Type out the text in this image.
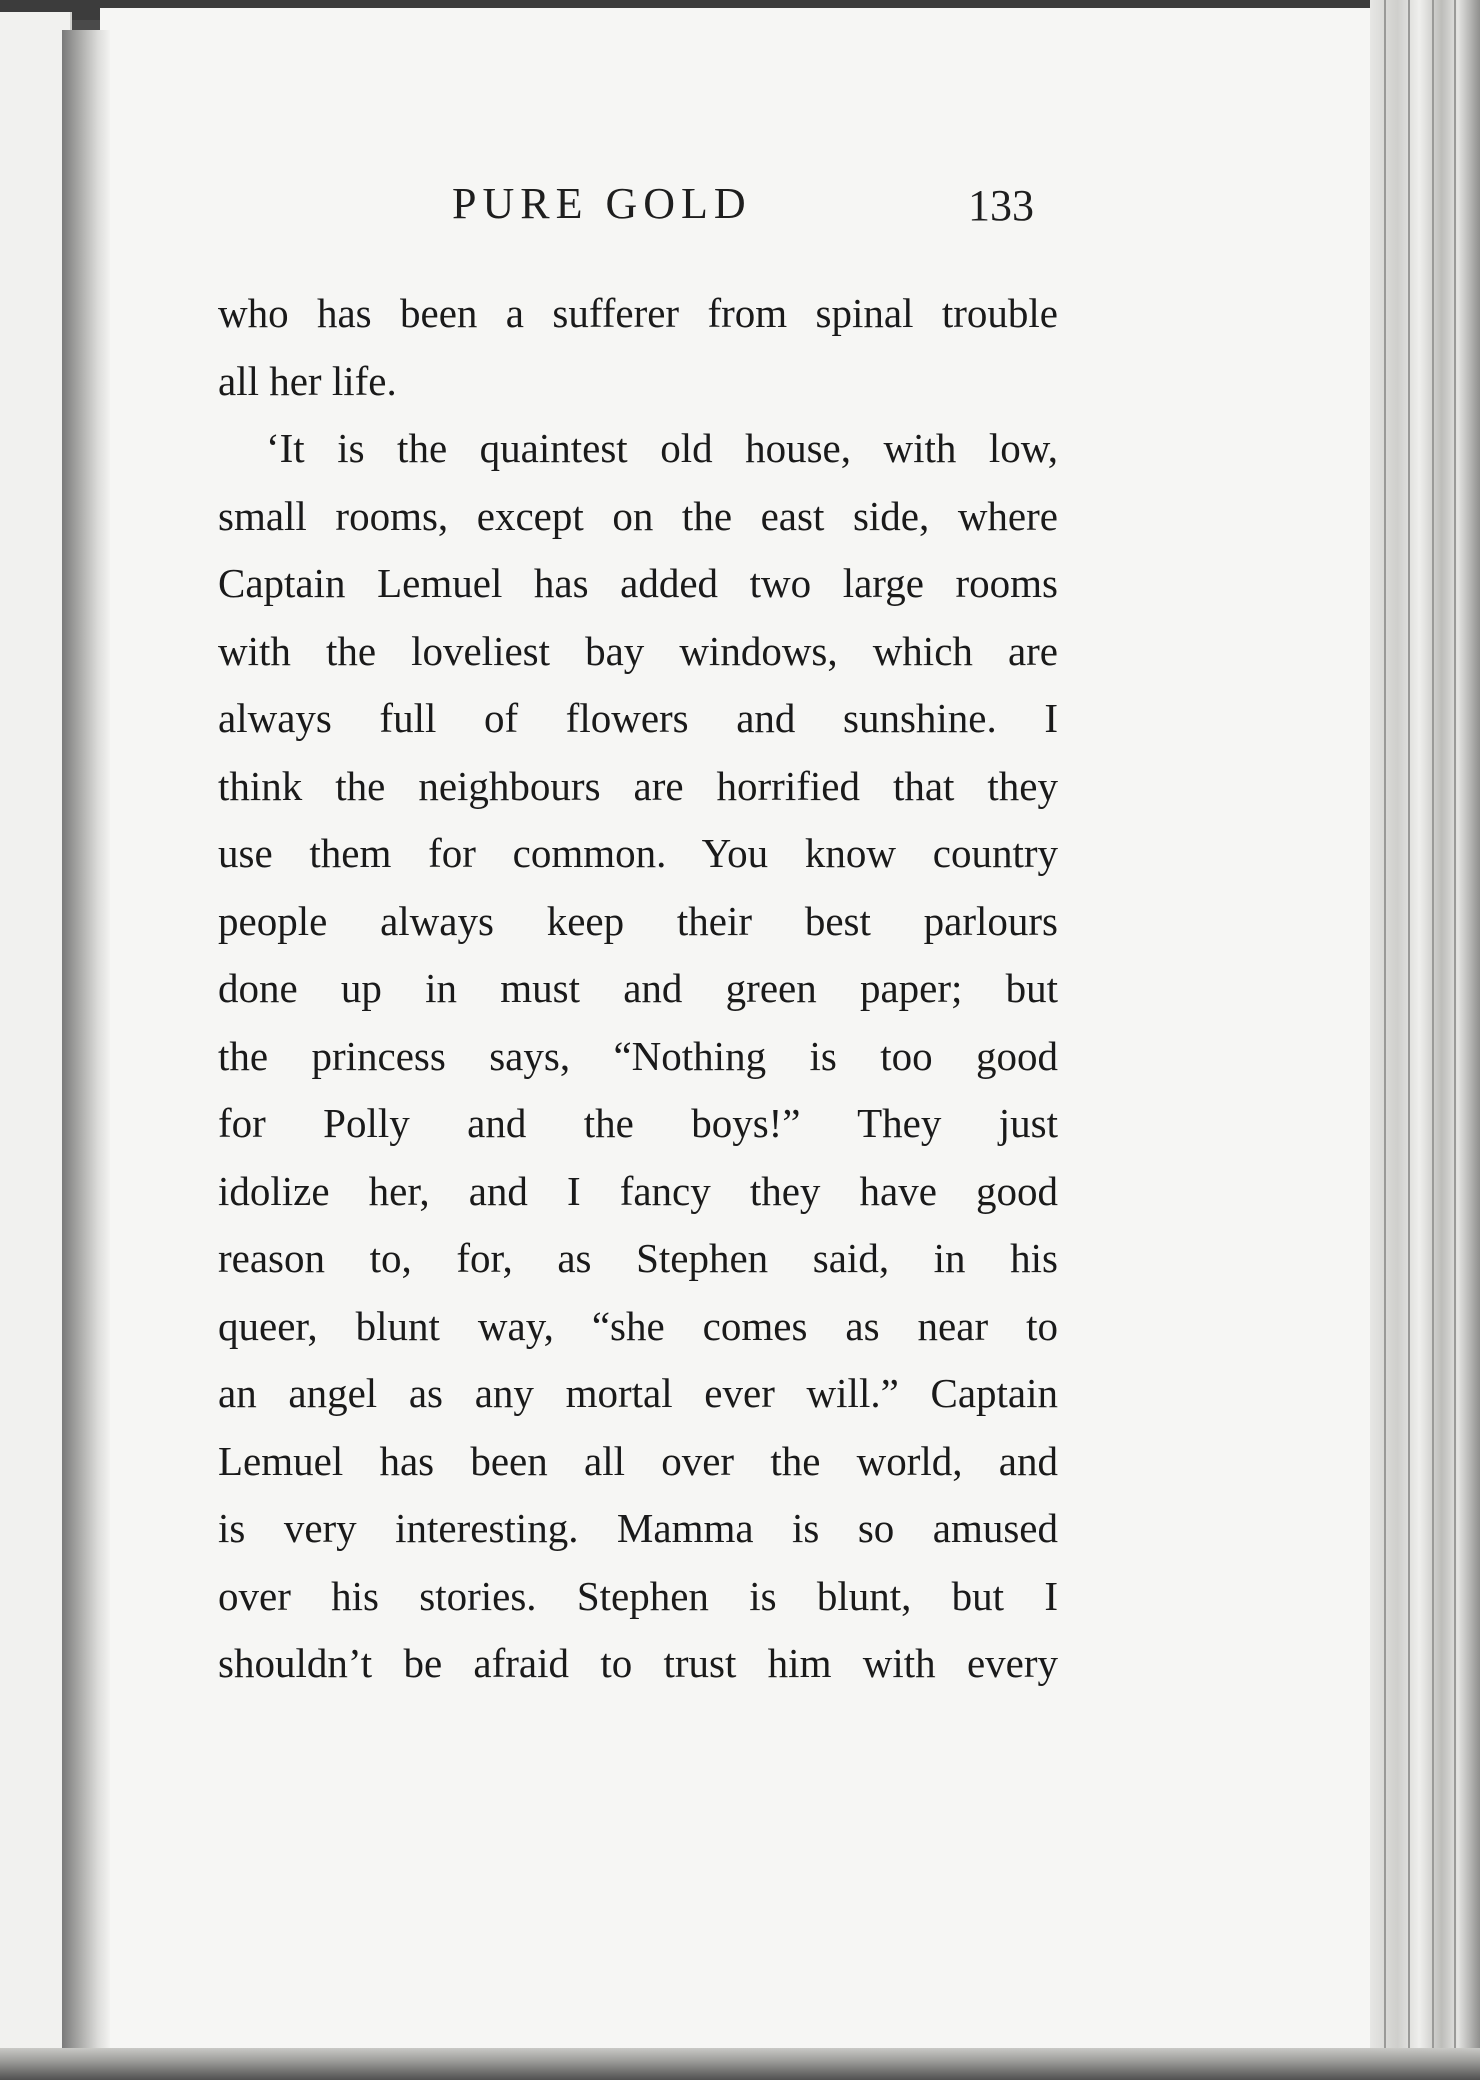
PURE GOLD	133
who has been a sufferer from spinal trouble
all her life.
‘It is the quaintest old house, with low,
small rooms, except on the east side, where
Captain Lemuel has added two large rooms
with the loveliest bay windows, which are
always full of flowers and sunshine. I
think the neighbours are horrified that they
use them for common. You know country
people always keep their best parlours
done up in must and green paper; but
the princess says, “Nothing is too good
for Polly and the boys!” They just
idolize her, and I fancy they have good
reason to, for, as Stephen said, in his
queer, blunt way, “she comes as near to
an angel as any mortal ever will.” Captain
Lemuel has been all over the world, and
is very interesting. Mamma is so amused
over his stories. Stephen is blunt, but I
shouldn’t be afraid to trust him with every
